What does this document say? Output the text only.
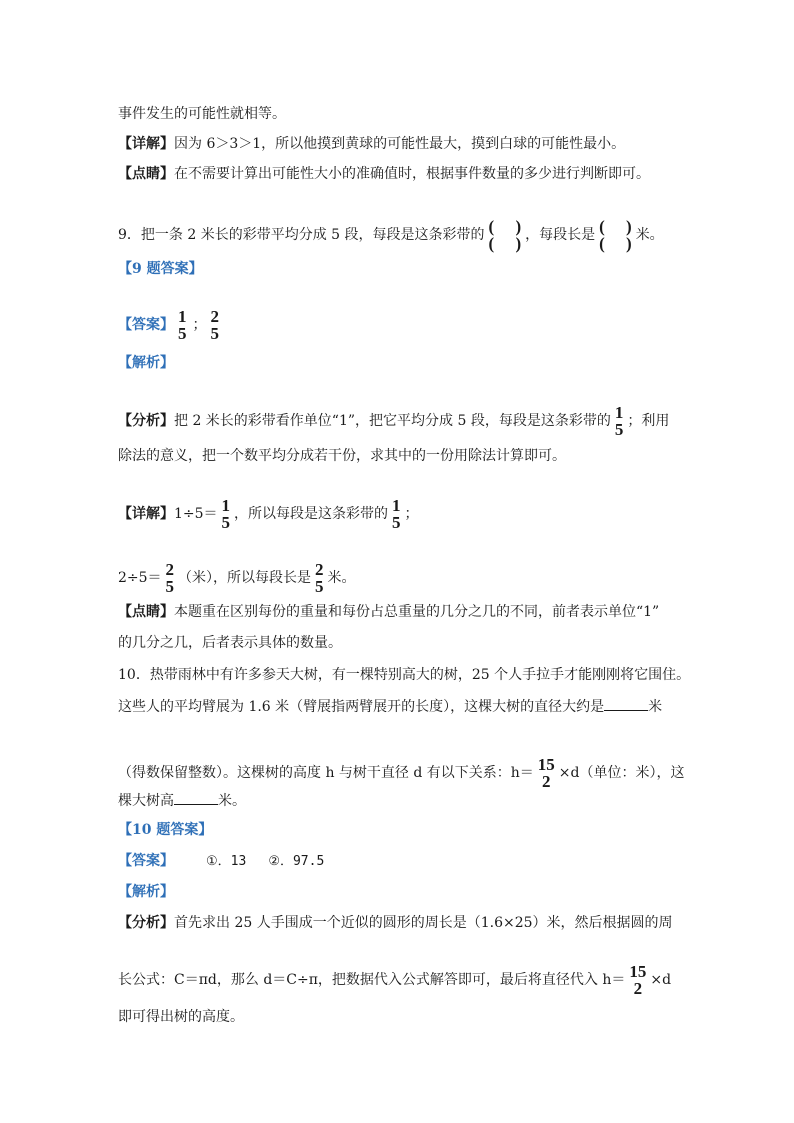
事件发生的可能性就相等。
【详解】因为 6＞3＞1，所以他摸到黄球的可能性最大，摸到白球的可能性最小。
【点睛】在不需要计算出可能性大小的准确值时，根据事件数量的多少进行判断即可。
9．把一条 2 米长的彩带平均分成 5 段，每段是这条彩带的 (　 )
(　 ) ，每段长是 (　 )
(　 ) 米。
【9 题答案】
【答案】 1
5 ； 2
5
【解析】
【分析】把 2 米长的彩带看作单位“1”，把它平均分成 5 段，每段是这条彩带的 1
5 ；利用
除法的意义，把一个数平均分成若干份，求其中的一份用除法计算即可。
【详解】1÷5＝ 1
5 ，所以每段是这条彩带的 1
5 ；
2÷5＝ 2
5 （米），所以每段长是 2
5 米。
【点睛】本题重在区别每份的重量和每份占总重量的几分之几的不同，前者表示单位“1”
的几分之几，后者表示具体的数量。
10．热带雨林中有许多参天大树，有一棵特别高大的树，25 个人手拉手才能刚刚将它围住。
这些人的平均臂展为 1.6 米（臂展指两臂展开的长度），这棵大树的直径大约是	米
（得数保留整数）。这棵树的高度 h 与树干直径 d 有以下关系：h＝ 15
2 ×d（单位：米），这
棵大树高	米。
【10 题答案】
【答案】 ①．13 ②．97.5
【解析】
【分析】首先求出 25 人手围成一个近似的圆形的周长是（1.6×25）米，然后根据圆的周
长公式：C＝πd，那么 d＝C÷π，把数据代入公式解答即可，最后将直径代入 h＝ 15
2 ×d
即可得出树的高度。
